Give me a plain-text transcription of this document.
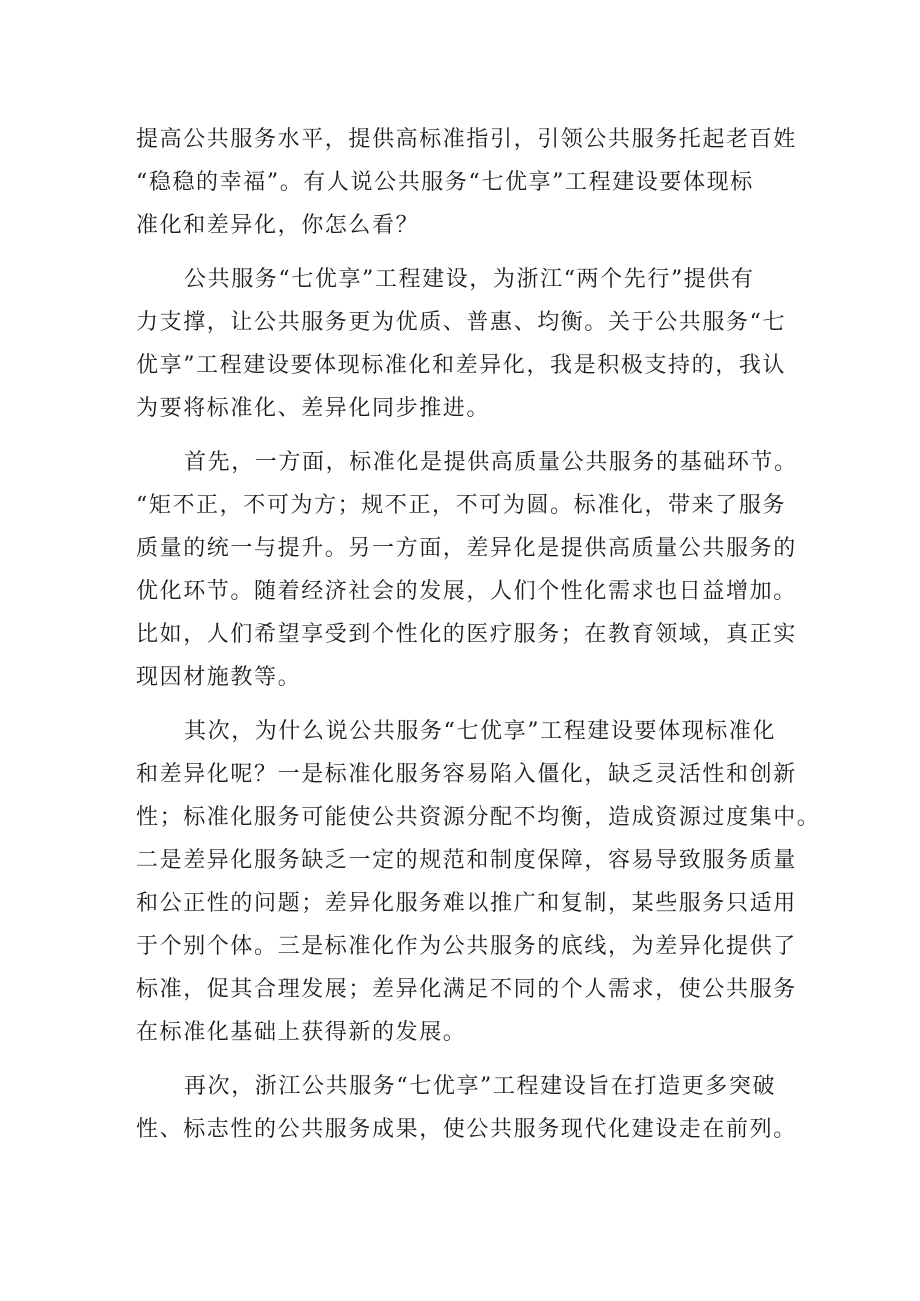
提高公共服务水平，提供高标准指引，引领公共服务托起老百姓
“稳稳的幸福”。有人说公共服务“七优享”工程建设要体现标
准化和差异化，你怎么看？

公共服务“七优享”工程建设，为浙江“两个先行”提供有
力支撑，让公共服务更为优质、普惠、均衡。关于公共服务“七
优享”工程建设要体现标准化和差异化，我是积极支持的，我认
为要将标准化、差异化同步推进。

首先，一方面，标准化是提供高质量公共服务的基础环节。
“矩不正，不可为方；规不正，不可为圆。标准化，带来了服务
质量的统一与提升。另一方面，差异化是提供高质量公共服务的
优化环节。随着经济社会的发展，人们个性化需求也日益增加。
比如，人们希望享受到个性化的医疗服务；在教育领域，真正实
现因材施教等。

其次，为什么说公共服务“七优享”工程建设要体现标准化
和差异化呢？一是标准化服务容易陷入僵化，缺乏灵活性和创新
性；标准化服务可能使公共资源分配不均衡，造成资源过度集中。
二是差异化服务缺乏一定的规范和制度保障，容易导致服务质量
和公正性的问题；差异化服务难以推广和复制，某些服务只适用
于个别个体。三是标准化作为公共服务的底线，为差异化提供了
标准，促其合理发展；差异化满足不同的个人需求，使公共服务
在标准化基础上获得新的发展。

再次，浙江公共服务“七优享”工程建设旨在打造更多突破
性、标志性的公共服务成果，使公共服务现代化建设走在前列。
